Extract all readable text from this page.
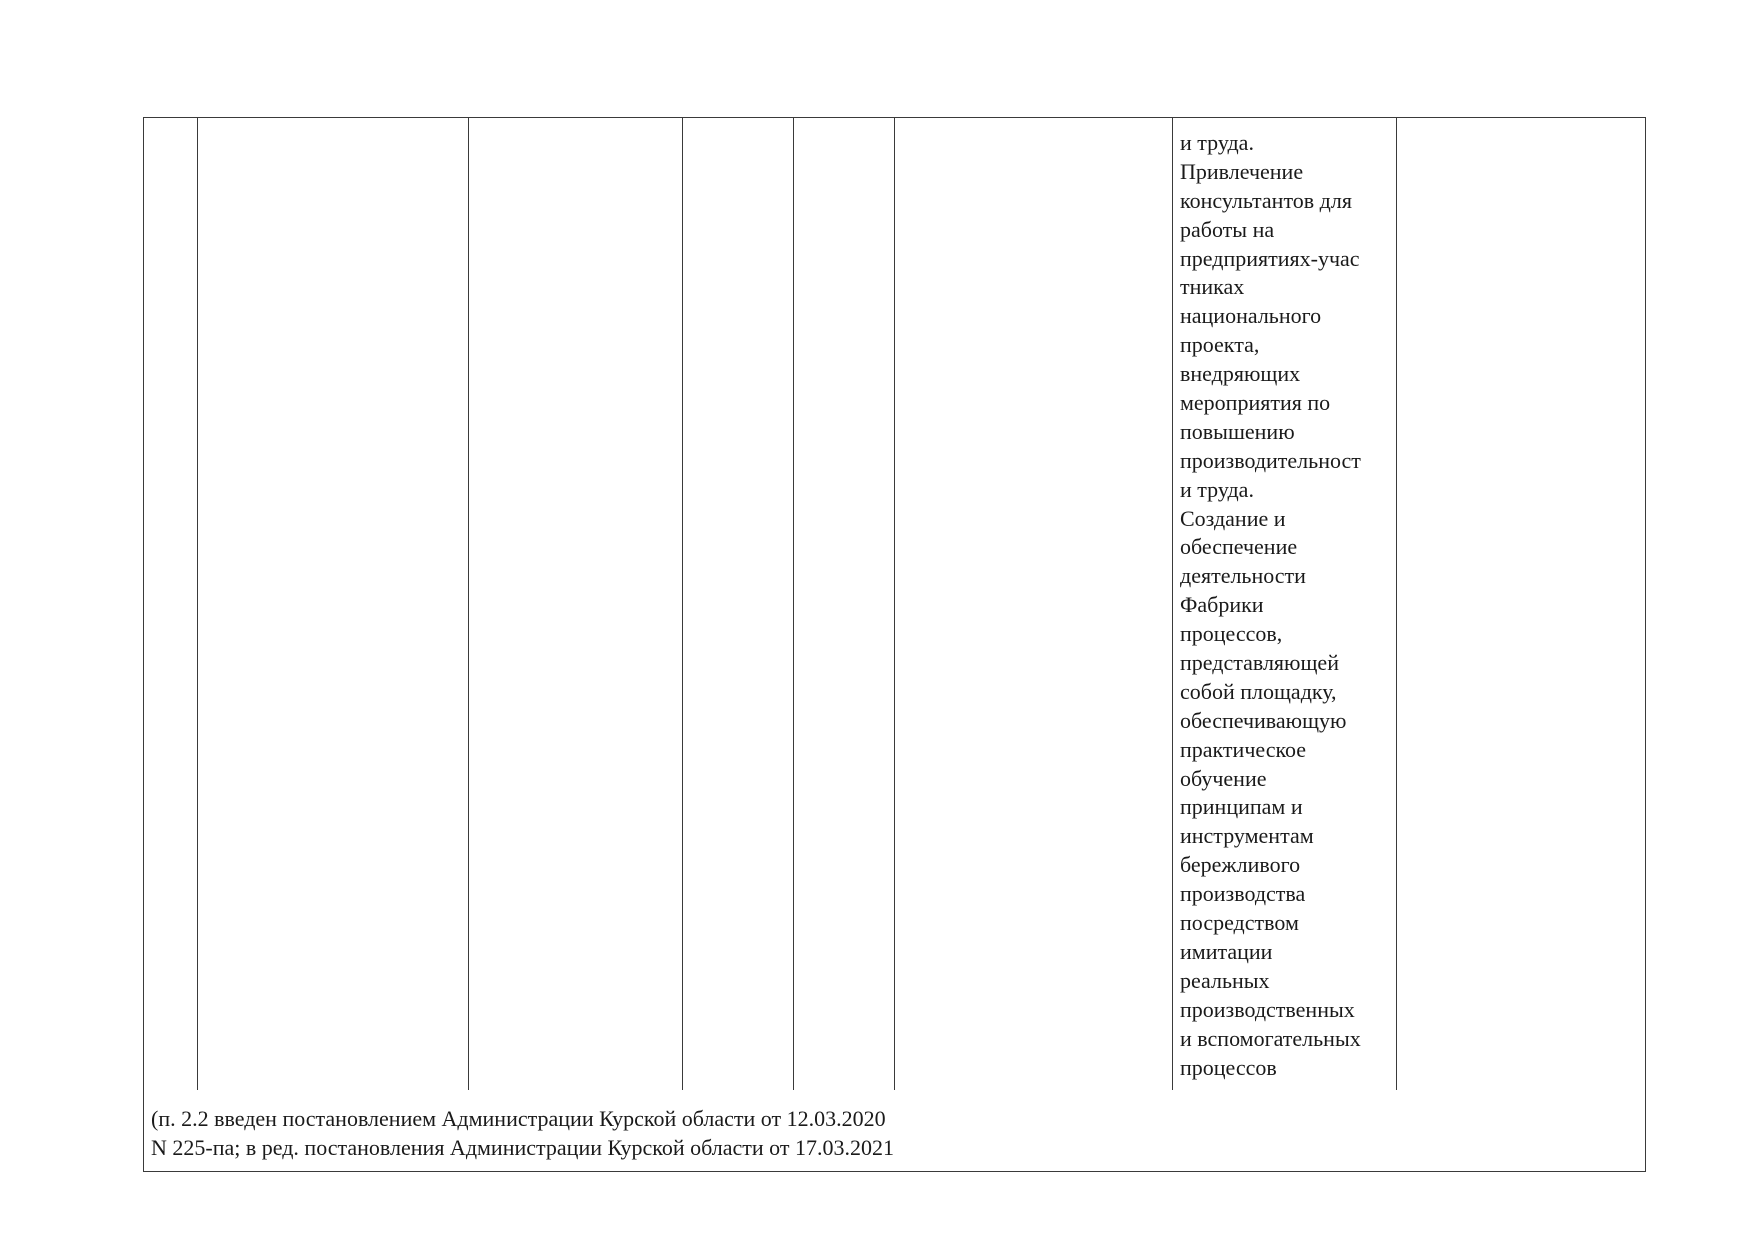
и труда.
Привлечение
консультантов для
работы на
предприятиях-учас
тниках
национального
проекта,
внедряющих
мероприятия по
повышению
производительност
и труда.
Создание и
обеспечение
деятельности
Фабрики
процессов,
представляющей
собой площадку,
обеспечивающую
практическое
обучение
принципам и
инструментам
бережливого
производства
посредством
имитации
реальных
производственных
и вспомогательных
процессов
(п. 2.2 введен постановлением Администрации Курской области от 12.03.2020
N 225-па; в ред. постановления Администрации Курской области от 17.03.2021
